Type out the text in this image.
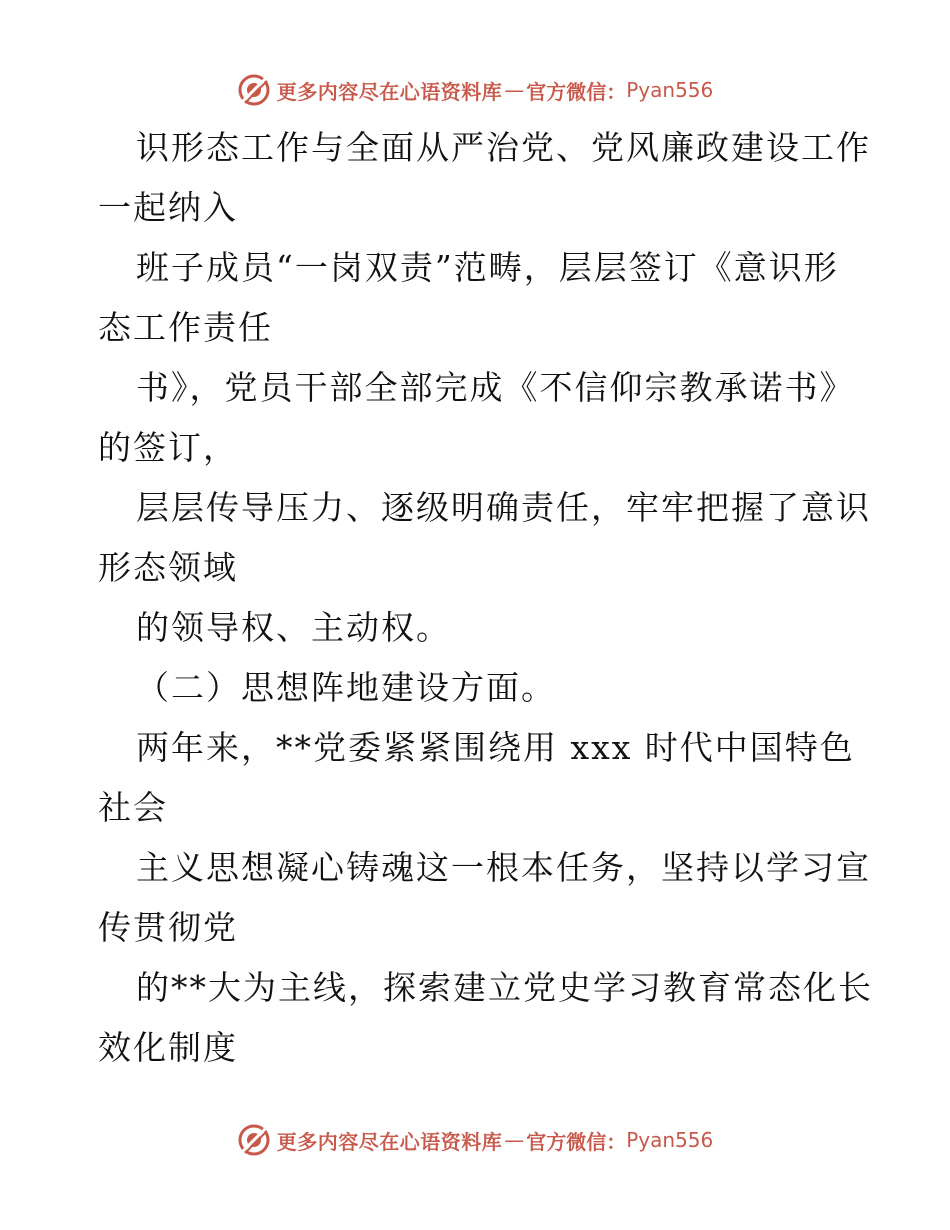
更多内容尽在心语资料库 — 官方微信： Pyan556
识形态工作与全面从严治党、党风廉政建设工作
一起纳入
班子成员“一岗双责”范畴，层层签订《意识形
态工作责任
书》，党员干部全部完成《不信仰宗教承诺书》
的签订，
层层传导压力、逐级明确责任，牢牢把握了意识
形态领域
的领导权、主动权。
（二）思想阵地建设方面。
两年来，**党委紧紧围绕用 xxx 时代中国特色
社会
主义思想凝心铸魂这一根本任务，坚持以学习宣
传贯彻党
的**大为主线，探索建立党史学习教育常态化长
效化制度
更多内容尽在心语资料库 — 官方微信： Pyan556
